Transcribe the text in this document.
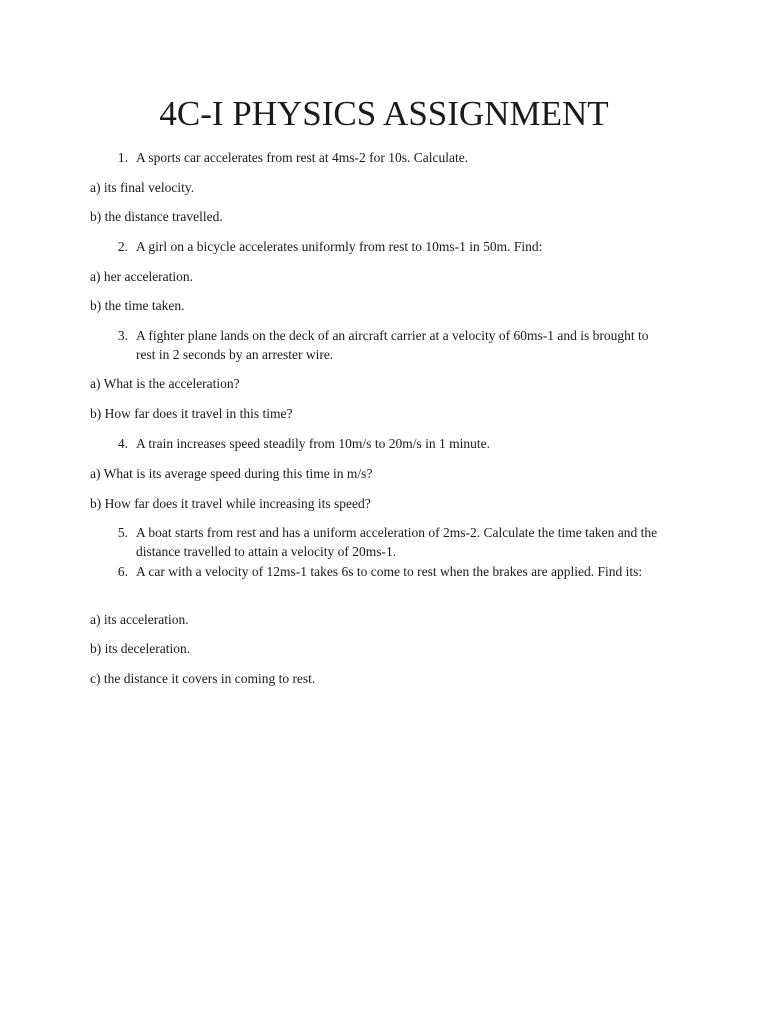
4C-I PHYSICS ASSIGNMENT
1. A sports car accelerates from rest at 4ms-2 for 10s. Calculate.
a) its final velocity.
b) the distance travelled.
2. A girl on a bicycle accelerates uniformly from rest to 10ms-1 in 50m. Find:
a) her acceleration.
b) the time taken.
3. A fighter plane lands on the deck of an aircraft carrier at a velocity of 60ms-1 and is brought to rest in 2 seconds by an arrester wire.
a) What is the acceleration?
b) How far does it travel in this time?
4. A train increases speed steadily from 10m/s to 20m/s in 1 minute.
a) What is its average speed during this time in m/s?
b) How far does it travel while increasing its speed?
5. A boat starts from rest and has a uniform acceleration of 2ms-2. Calculate the time taken and the distance travelled to attain a velocity of 20ms-1.
6. A car with a velocity of 12ms-1 takes 6s to come to rest when the brakes are applied. Find its:
a) its acceleration.
b) its deceleration.
c) the distance it covers in coming to rest.
